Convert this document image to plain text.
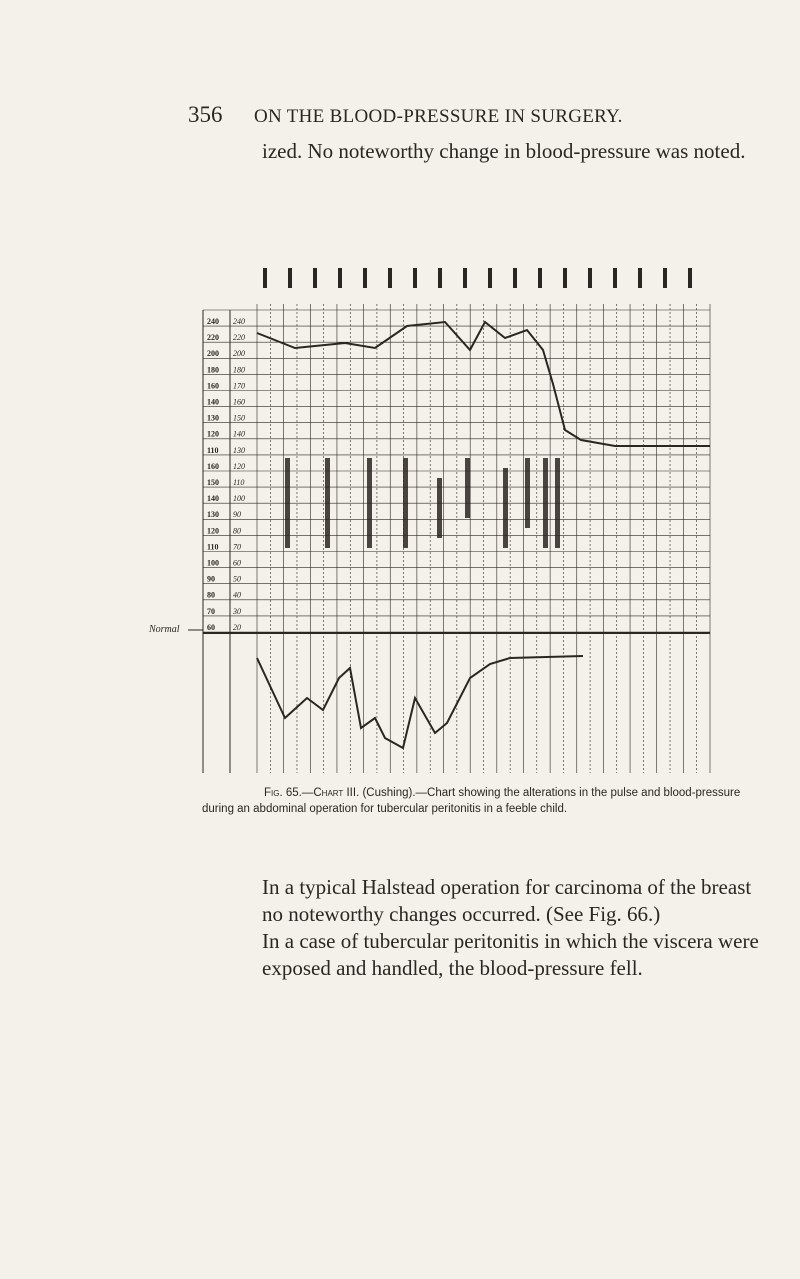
356 ON THE BLOOD-PRESSURE IN SURGERY.
ized. No noteworthy change in blood-pressure was noted.
240 240
220 220
200 200
180 180
160 170
140 160
130 150
120 140
110 130
160 120
150 110
140 100
130 90
120 80
110 70
100 60
90 50
80 40
70 30
60 20
Normal
Fig. 65.—Chart III. (Cushing).—Chart showing the alterations in the pulse and blood-pressure during an abdominal operation for tubercular peritonitis in a feeble child.

In a typical Halstead operation for carcinoma of the breast no noteworthy changes occurred. (See Fig. 66.)

In a case of tubercular peritonitis in which the viscera were exposed and handled, the blood-pressure fell.
